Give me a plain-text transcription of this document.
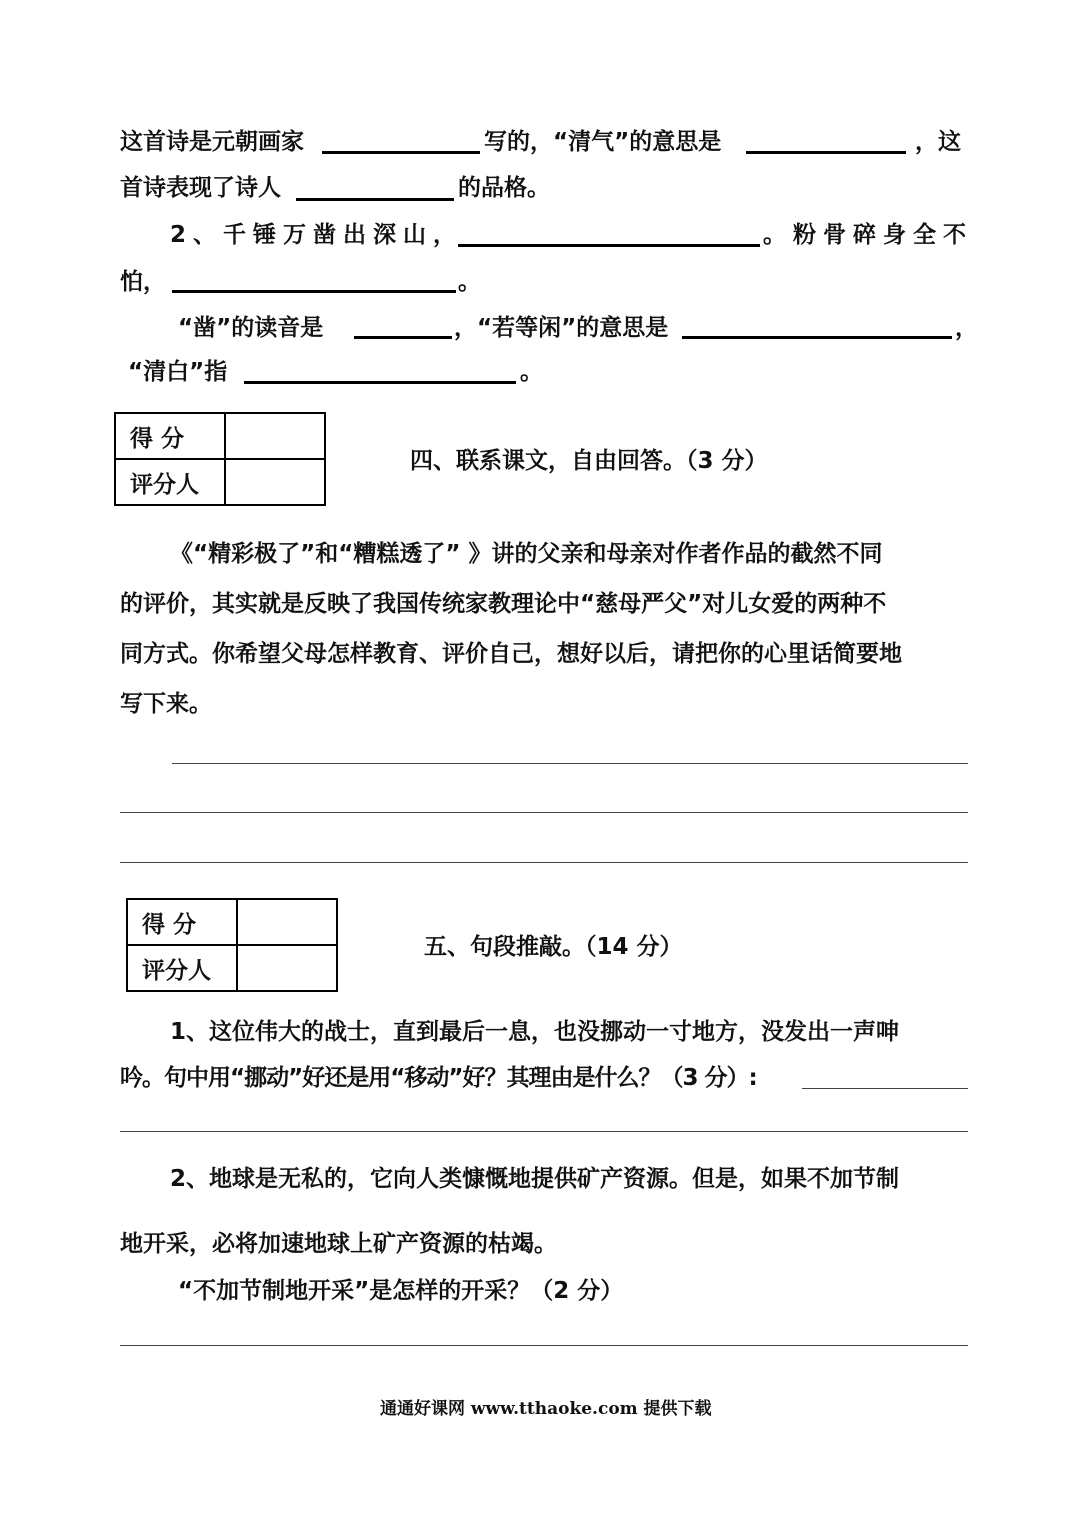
这首诗是元朝画家	写的，“清气”的意思是	，这
首诗表现了诗人	的品格。
2、千锤万凿出深山，	。粉骨碎身全不
怕，	。
“凿”的读音是	，“若等闲”的意思是	，
“清白”指	。
得 分	
评分人	
四、联系课文，自由回答。（3 分）
《“精彩极了”和“糟糕透了” 》讲的父亲和母亲对作者作品的截然不同
的评价，其实就是反映了我国传统家教理论中“慈母严父”对儿女爱的两种不
同方式。你希望父母怎样教育、评价自己，想好以后，请把你的心里话简要地
写下来。
得 分	
评分人	
五、句段推敲。（14 分）
1、这位伟大的战士，直到最后一息，也没挪动一寸地方，没发出一声呻
吟。句中用“挪动”好还是用“移动”好？其理由是什么？（3 分）:
2、地球是无私的，它向人类慷慨地提供矿产资源。但是，如果不加节制
地开采，必将加速地球上矿产资源的枯竭。
“不加节制地开采”是怎样的开采？（2 分）
通通好课网 www.tthaoke.com 提供下载
